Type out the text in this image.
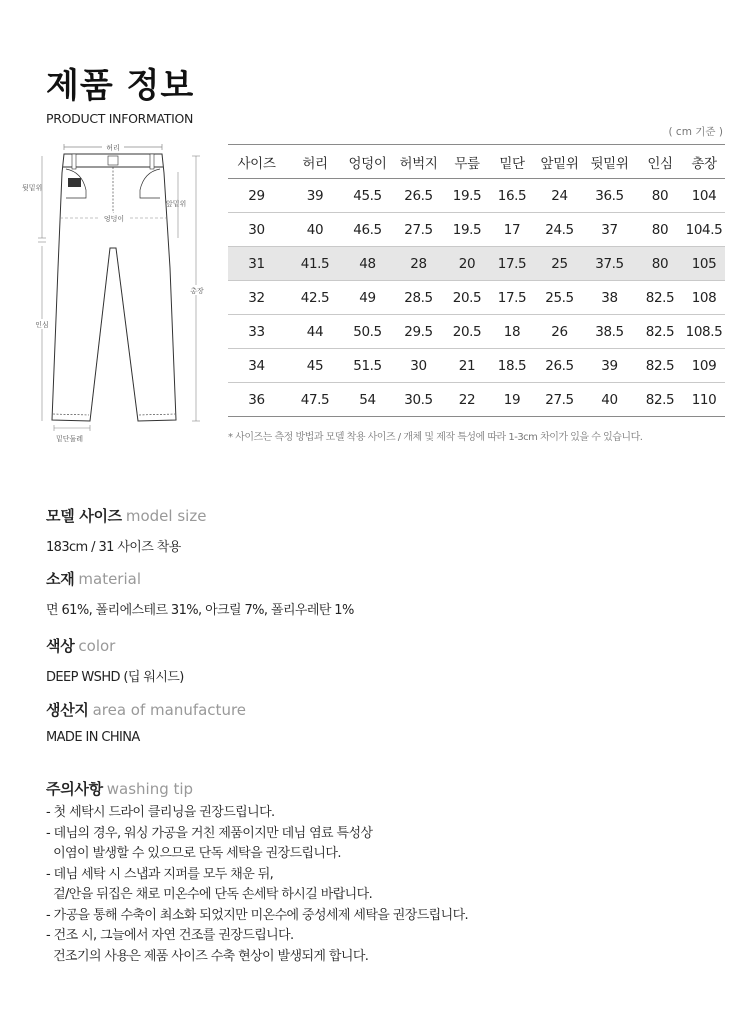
제품 정보
PRODUCT INFORMATION
( cm 기준 )
허리
엉덩이
뒷밑위
인심
앞밑위
총장
밑단둘레
사이즈	허리	엉덩이	허벅지	무릎	밑단	앞밑위	뒷밑위	인심	총장
29	39	45.5	26.5	19.5	16.5	24	36.5	80	104
30	40	46.5	27.5	19.5	17	24.5	37	80	104.5
31	41.5	48	28	20	17.5	25	37.5	80	105
32	42.5	49	28.5	20.5	17.5	25.5	38	82.5	108
33	44	50.5	29.5	20.5	18	26	38.5	82.5	108.5
34	45	51.5	30	21	18.5	26.5	39	82.5	109
36	47.5	54	30.5	22	19	27.5	40	82.5	110
* 사이즈는 측정 방법과 모델 착용 사이즈 / 개체 및 제작 특성에 따라 1-3cm 차이가 있을 수 있습니다.
모델 사이즈 model size
183cm / 31 사이즈 착용
소재 material
면 61%, 폴리에스테르 31%, 아크릴 7%, 폴리우레탄 1%
색상 color
DEEP WSHD (딥 워시드)
생산지 area of manufacture
MADE IN CHINA
주의사항 washing tip
- 첫 세탁시 드라이 클리닝을 권장드립니다.
- 데님의 경우, 워싱 가공을 거친 제품이지만 데님 염료 특성상
이염이 발생할 수 있으므로 단독 세탁을 권장드립니다.
- 데님 세탁 시 스냅과 지퍼를 모두 채운 뒤,
겉/안을 뒤집은 채로 미온수에 단독 손세탁 하시길 바랍니다.
- 가공을 통해 수축이 최소화 되었지만 미온수에 중성세제 세탁을 권장드립니다.
- 건조 시, 그늘에서 자연 건조를 권장드립니다.
건조기의 사용은 제품 사이즈 수축 현상이 발생되게 합니다.
